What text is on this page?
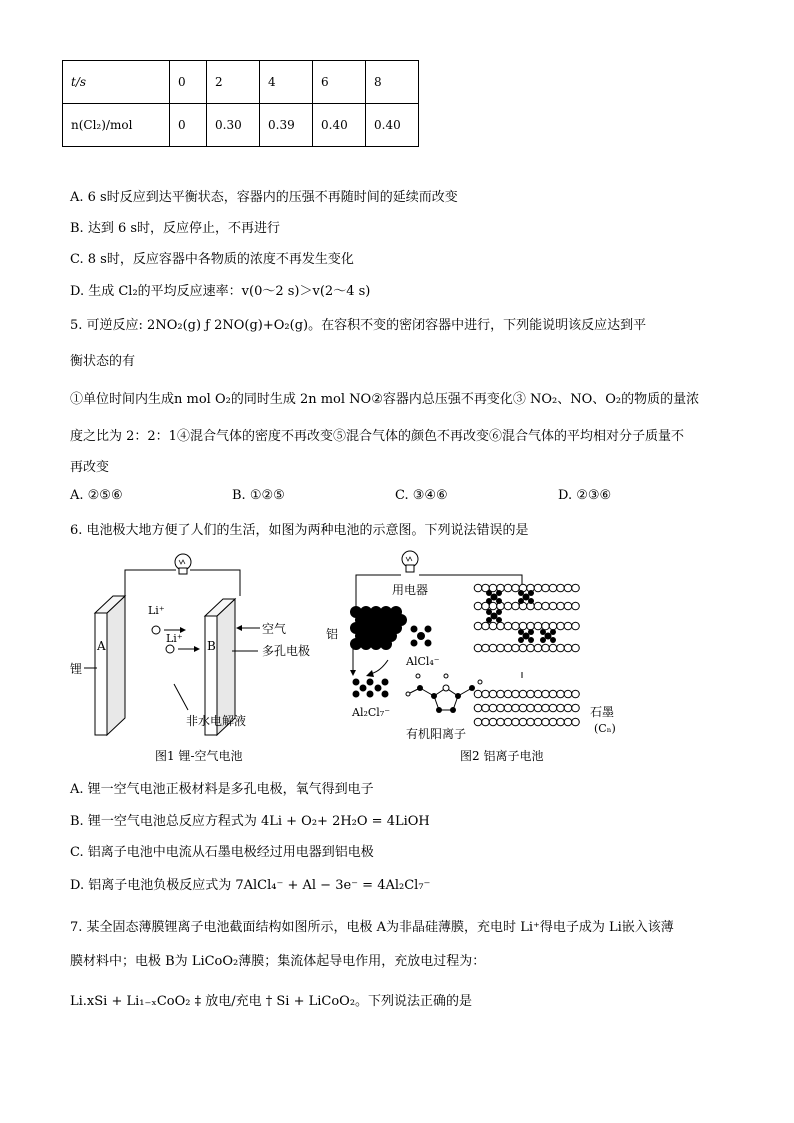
t/s	0	2	4	6	8
n(Cl₂)/mol	0	0.30	0.39	0.40	0.40
A. 6 s时反应到达平衡状态，容器内的压强不再随时间的延续而改变
B. 达到 6 s时，反应停止，不再进行
C. 8 s时，反应容器中各物质的浓度不再发生变化
D. 生成 Cl₂的平均反应速率：v(0～2 s)＞v(2～4 s)
5. 可逆反应: 2NO₂(g) ƒ 2NO(g)+O₂(g)。在容积不变的密闭容器中进行，下列能说明该反应达到平
衡状态的有
①单位时间内生成n mol O₂的同时生成 2n mol NO②容器内总压强不再变化③ NO₂、NO、O₂的物质的量浓
度之比为 2：2：1④混合气体的密度不再改变⑤混合气体的颜色不再改变⑥混合气体的平均相对分子质量不
再改变
A. ②⑤⑥	B. ①②⑤	C. ③④⑥	D. ②③⑥
6. 电池极大地方便了人们的生活，如图为两种电池的示意图。下列说法错误的是
A	B
Li⁺
Li⁺
空气
多孔电极
锂
非水电解液
图1 锂-空气电池
用电器
铝
AlCl₄⁻
Al₂Cl₇⁻
有机阳离子
石墨
(Cₙ)
图2 铝离子电池
A. 锂一空气电池正极材料是多孔电极，氧气得到电子
B. 锂一空气电池总反应方程式为 4Li + O₂+ 2H₂O = 4LiOH
C. 铝离子电池中电流从石墨电极经过用电器到铝电极
D. 铝离子电池负极反应式为 7AlCl₄⁻ + Al − 3e⁻ = 4Al₂Cl₇⁻
7. 某全固态薄膜锂离子电池截面结构如图所示，电极 A为非晶硅薄膜，充电时 Li⁺得电子成为 Li嵌入该薄
膜材料中；电极 B为 LiCoO₂薄膜；集流体起导电作用，充放电过程为：
Li.xSi + Li₁₋ₓCoO₂ ‡ 放电/充电 † Si + LiCoO₂。下列说法正确的是
